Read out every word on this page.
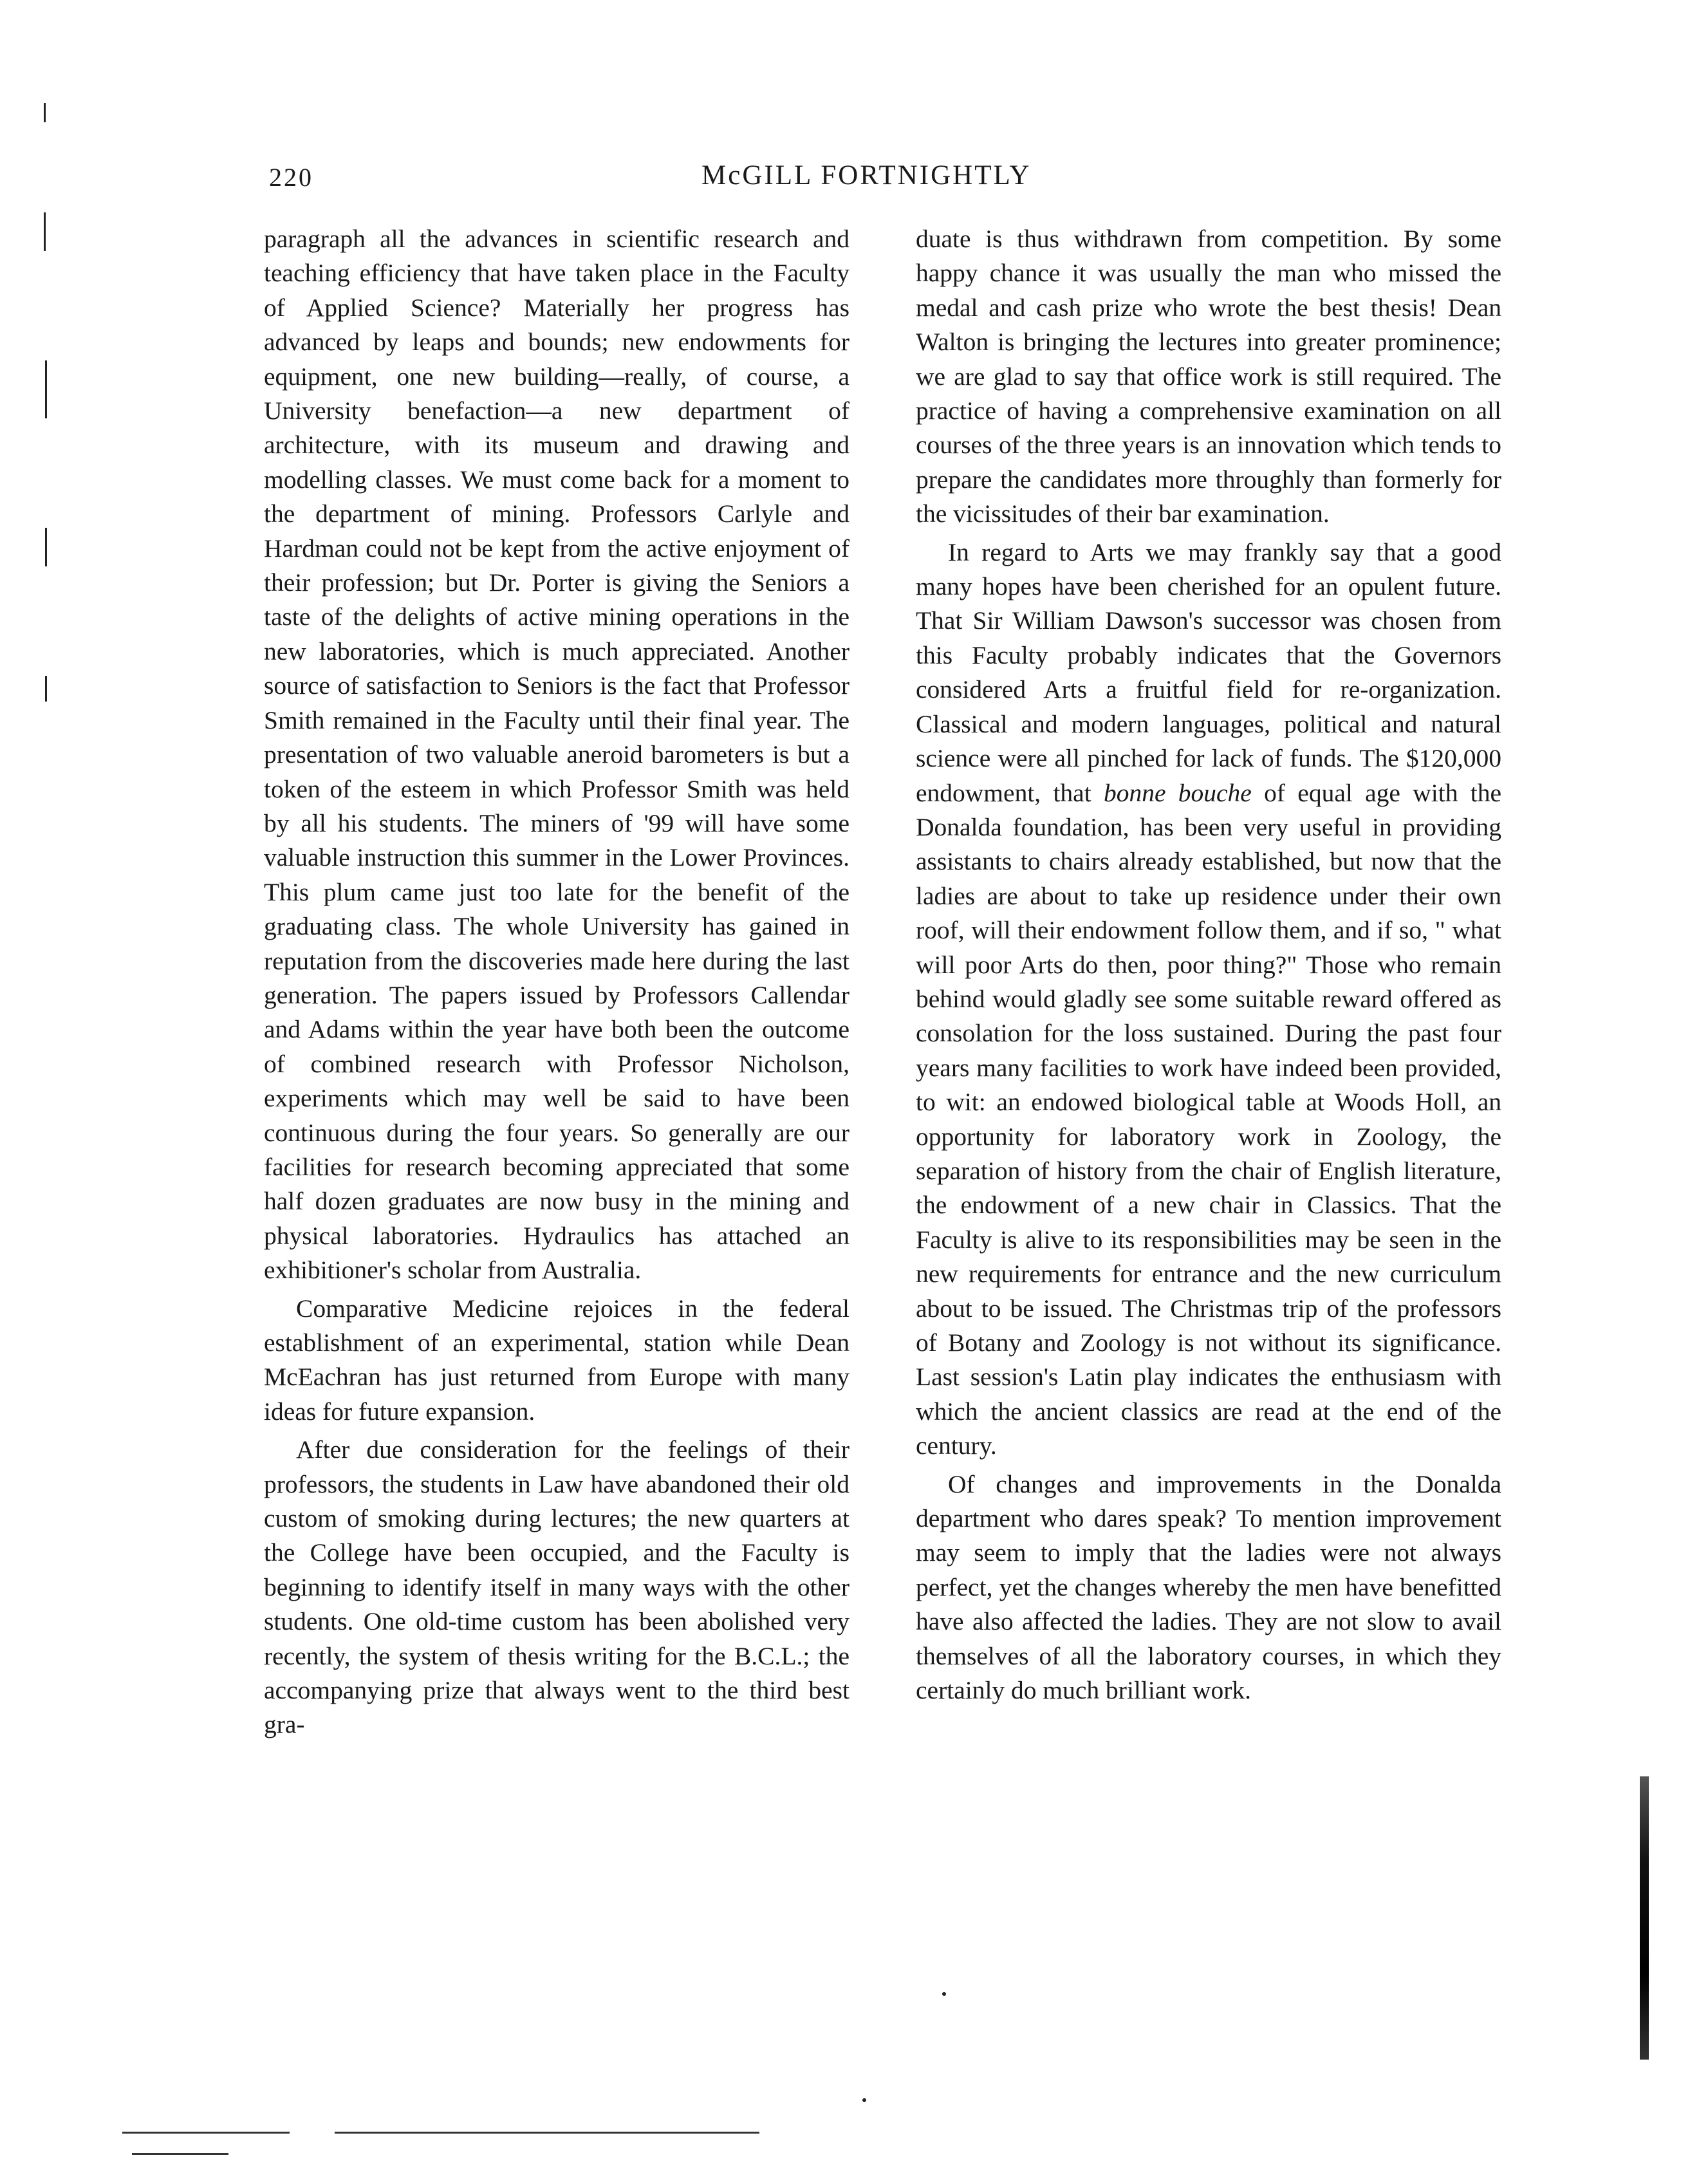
220	McGILL FORTNIGHTLY

paragraph all the advances in scientific research and teaching efficiency that have taken place in the Faculty of Applied Science? Materially her progress has advanced by leaps and bounds; new endowments for equipment, one new building—really, of course, a University benefaction—a new department of architecture, with its museum and drawing and modelling classes. We must come back for a moment to the department of mining. Professors Carlyle and Hardman could not be kept from the active enjoyment of their profession; but Dr. Porter is giving the Seniors a taste of the delights of active mining operations in the new laboratories, which is much appreciated. Another source of satisfaction to Seniors is the fact that Professor Smith remained in the Faculty until their final year. The presentation of two valuable aneroid barometers is but a token of the esteem in which Professor Smith was held by all his students. The miners of '99 will have some valuable instruction this summer in the Lower Provinces. This plum came just too late for the benefit of the graduating class. The whole University has gained in reputation from the discoveries made here during the last generation. The papers issued by Professors Callendar and Adams within the year have both been the outcome of combined research with Professor Nicholson, experiments which may well be said to have been continuous during the four years. So generally are our facilities for research becoming appreciated that some half dozen graduates are now busy in the mining and physical laboratories. Hydraulics has attached an exhibitioner's scholar from Australia.

Comparative Medicine rejoices in the federal establishment of an experimental, station while Dean McEachran has just returned from Europe with many ideas for future expansion.

After due consideration for the feelings of their professors, the students in Law have abandoned their old custom of smoking during lectures; the new quarters at the College have been occupied, and the Faculty is beginning to identify itself in many ways with the other students. One old-time custom has been abolished very recently, the system of thesis writing for the B.C.L.; the accompanying prize that always went to the third best gra-

duate is thus withdrawn from competition. By some happy chance it was usually the man who missed the medal and cash prize who wrote the best thesis! Dean Walton is bringing the lectures into greater prominence; we are glad to say that office work is still required. The practice of having a comprehensive examination on all courses of the three years is an innovation which tends to prepare the candidates more throughly than formerly for the vicissitudes of their bar examination.

In regard to Arts we may frankly say that a good many hopes have been cherished for an opulent future. That Sir William Dawson's successor was chosen from this Faculty probably indicates that the Governors considered Arts a fruitful field for re-organization. Classical and modern languages, political and natural science were all pinched for lack of funds. The $120,000 endowment, that bonne bouche of equal age with the Donalda foundation, has been very useful in providing assistants to chairs already established, but now that the ladies are about to take up residence under their own roof, will their endowment follow them, and if so, " what will poor Arts do then, poor thing?" Those who remain behind would gladly see some suitable reward offered as consolation for the loss sustained. During the past four years many facilities to work have indeed been provided, to wit: an endowed biological table at Woods Holl, an opportunity for laboratory work in Zoology, the separation of history from the chair of English literature, the endowment of a new chair in Classics. That the Faculty is alive to its responsibilities may be seen in the new requirements for entrance and the new curriculum about to be issued. The Christmas trip of the professors of Botany and Zoology is not without its significance. Last session's Latin play indicates the enthusiasm with which the ancient classics are read at the end of the century.

Of changes and improvements in the Donalda department who dares speak? To mention improvement may seem to imply that the ladies were not always perfect, yet the changes whereby the men have benefitted have also affected the ladies. They are not slow to avail themselves of all the laboratory courses, in which they certainly do much brilliant work.
